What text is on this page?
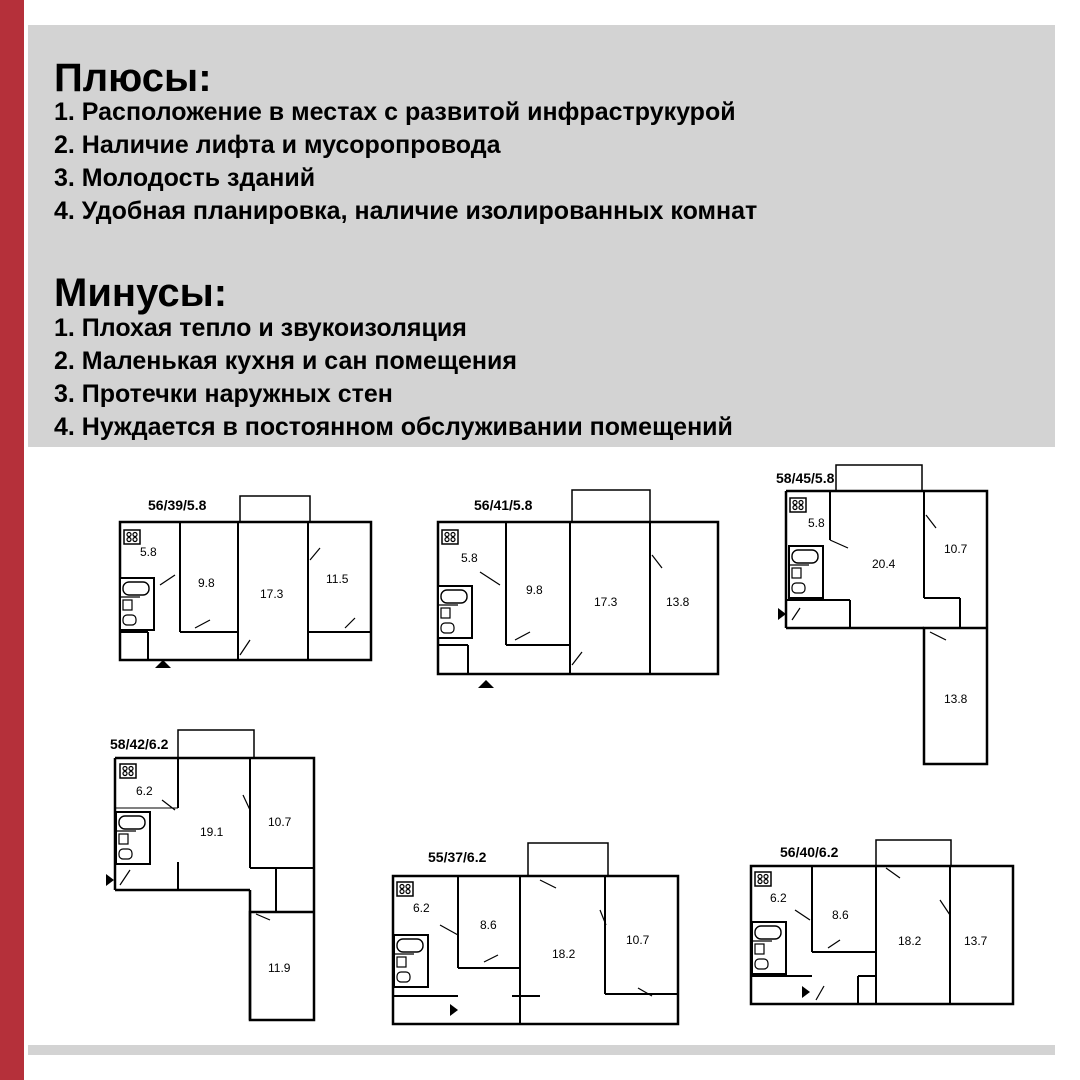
Плюсы:
1. Расположение в местах с развитой инфраструкурой
2. Наличие лифта и мусоропровода
3. Молодость зданий
4. Удобная планировка, наличие изолированных комнат
Минусы:
1. Плохая тепло и звукоизоляция
2. Маленькая кухня и сан помещения
3. Протечки наружных стен
4. Нуждается в постоянном обслуживании помещений
56/39/5.8
5.8
9.8
17.3
11.5
56/41/5.8
5.8
9.8
17.3	13.8
58/45/5.8
5.8
20.4
10.7
13.8
58/42/6.2
6.2
19.1
10.7
11.9
55/37/6.2
6.2
8.6
18.2
10.7
56/40/6.2
6.2
8.6
18.2	13.7
